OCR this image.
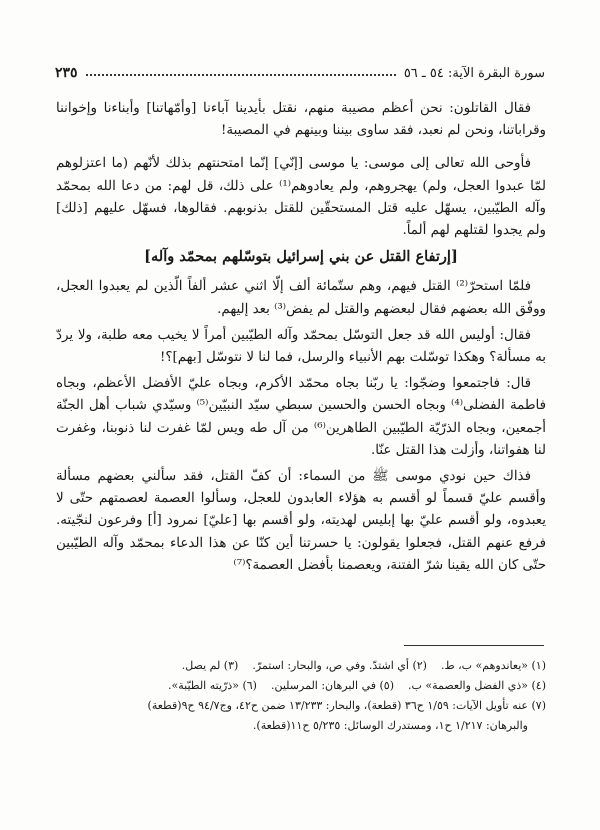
سورة البقرة الآية: ٥٤ ـ ٥٦
٢٣٥

فقال القاتلون: نحن أعظم مصيبة منهم، نقتل بأيدينا آباءنا [وأمّهاتنا] وأبناءنا وإخواننا وقراباتنا، ونحن لم نعبد، فقد ساوى بيننا وبينهم في المصيبة!

فأوحى الله تعالى إلى موسى: يا موسى [إنّي] إنّما امتحنتهم بذلك لأنّهم (ما اعتزلوهم لمّا عبدوا العجل، ولم) يهجروهم، ولم يعادوهم⁽¹⁾ على ذلك، قل لهم: من دعا الله بمحمّد وآله الطيّبين، يسهّل عليه قتل المستحقّين للقتل بذنوبهم. فقالوها، فسهّل عليهم [ذلك] ولم يجدوا لقتلهم لهم ألماً.

[إرتفاع القتل عن بني إسرائيل بتوسّلهم بمحمّد وآله]

فلمّا استحرّ⁽²⁾ القتل فيهم، وهم ستّمائة ألف إلّا اثني عشر ألفاً الّذين لم يعبدوا العجل، ووفّق الله بعضهم فقال لبعضهم والقتل لم يفض⁽³⁾ بعد إليهم.

فقال: أوليس الله قد جعل التوسّل بمحمّد وآله الطيّبين أمراً لا يخيب معه طلبة، ولا يردّ به مسألة؟ وهكذا توسّلت بهم الأنبياء والرسل، فما لنا لا نتوسّل [بهم]؟!

قال: فاجتمعوا وضجّوا: يا ربّنا بجاه محمّد الأكرم، وبجاه عليّ الأفضل الأعظم، وبجاه فاطمة الفضلى⁽⁴⁾ وبجاه الحسن والحسين سبطي سيّد النبيّين⁽⁵⁾ وسيّدي شباب أهل الجنّة أجمعين، وبجاه الذرّيّة الطيّبين الطاهرين⁽⁶⁾ من آل طه ويس لمّا غفرت لنا ذنوبنا، وغفرت لنا هفواتنا، وأزلت هذا القتل عنّا.

فذاك حين نودي موسى ﷺ من السماء: أن كفّ القتل، فقد سألني بعضهم مسألة وأقسم عليّ قسماً لو أقسم به هؤلاء العابدون للعجل، وسألوا العصمة لعصمتهم حتّى لا يعبدوه، ولو أقسم عليّ بها إبليس لهديته، ولو أقسم بها [عليّ] نمرود [أ] وفرعون لنجّيته. فرفع عنهم القتل، فجعلوا يقولون: يا حسرتنا أين كنّا عن هذا الدعاء بمحمّد وآله الطيّبين حتّى كان الله يقينا شرّ الفتنة، ويعصمنا بأفضل العصمة؟⁽⁷⁾

(١) «يعاندوهم» ب، ط.
(٢) أي اشتدّ. وفي ص، والبحار: استمرّ.
(٣) لم يصل.
(٤) «ذي الفضل والعصمة» ب.
(٥) في البرهان: المرسلين.
(٦) «ذرّيته الطيّبة».
(٧) عنه تأويل الآيات: ١/٥٩ ح٣٦ (قطعة)، والبحار: ١٣/٢٣٣ ضمن ح٤٢، وج٩٤/٧ ح٩(قطعة)
والبرهان: ١/٢١٧ ح١، ومستدرك الوسائل: ٥/٢٣٥ ح١١(قطعة).
